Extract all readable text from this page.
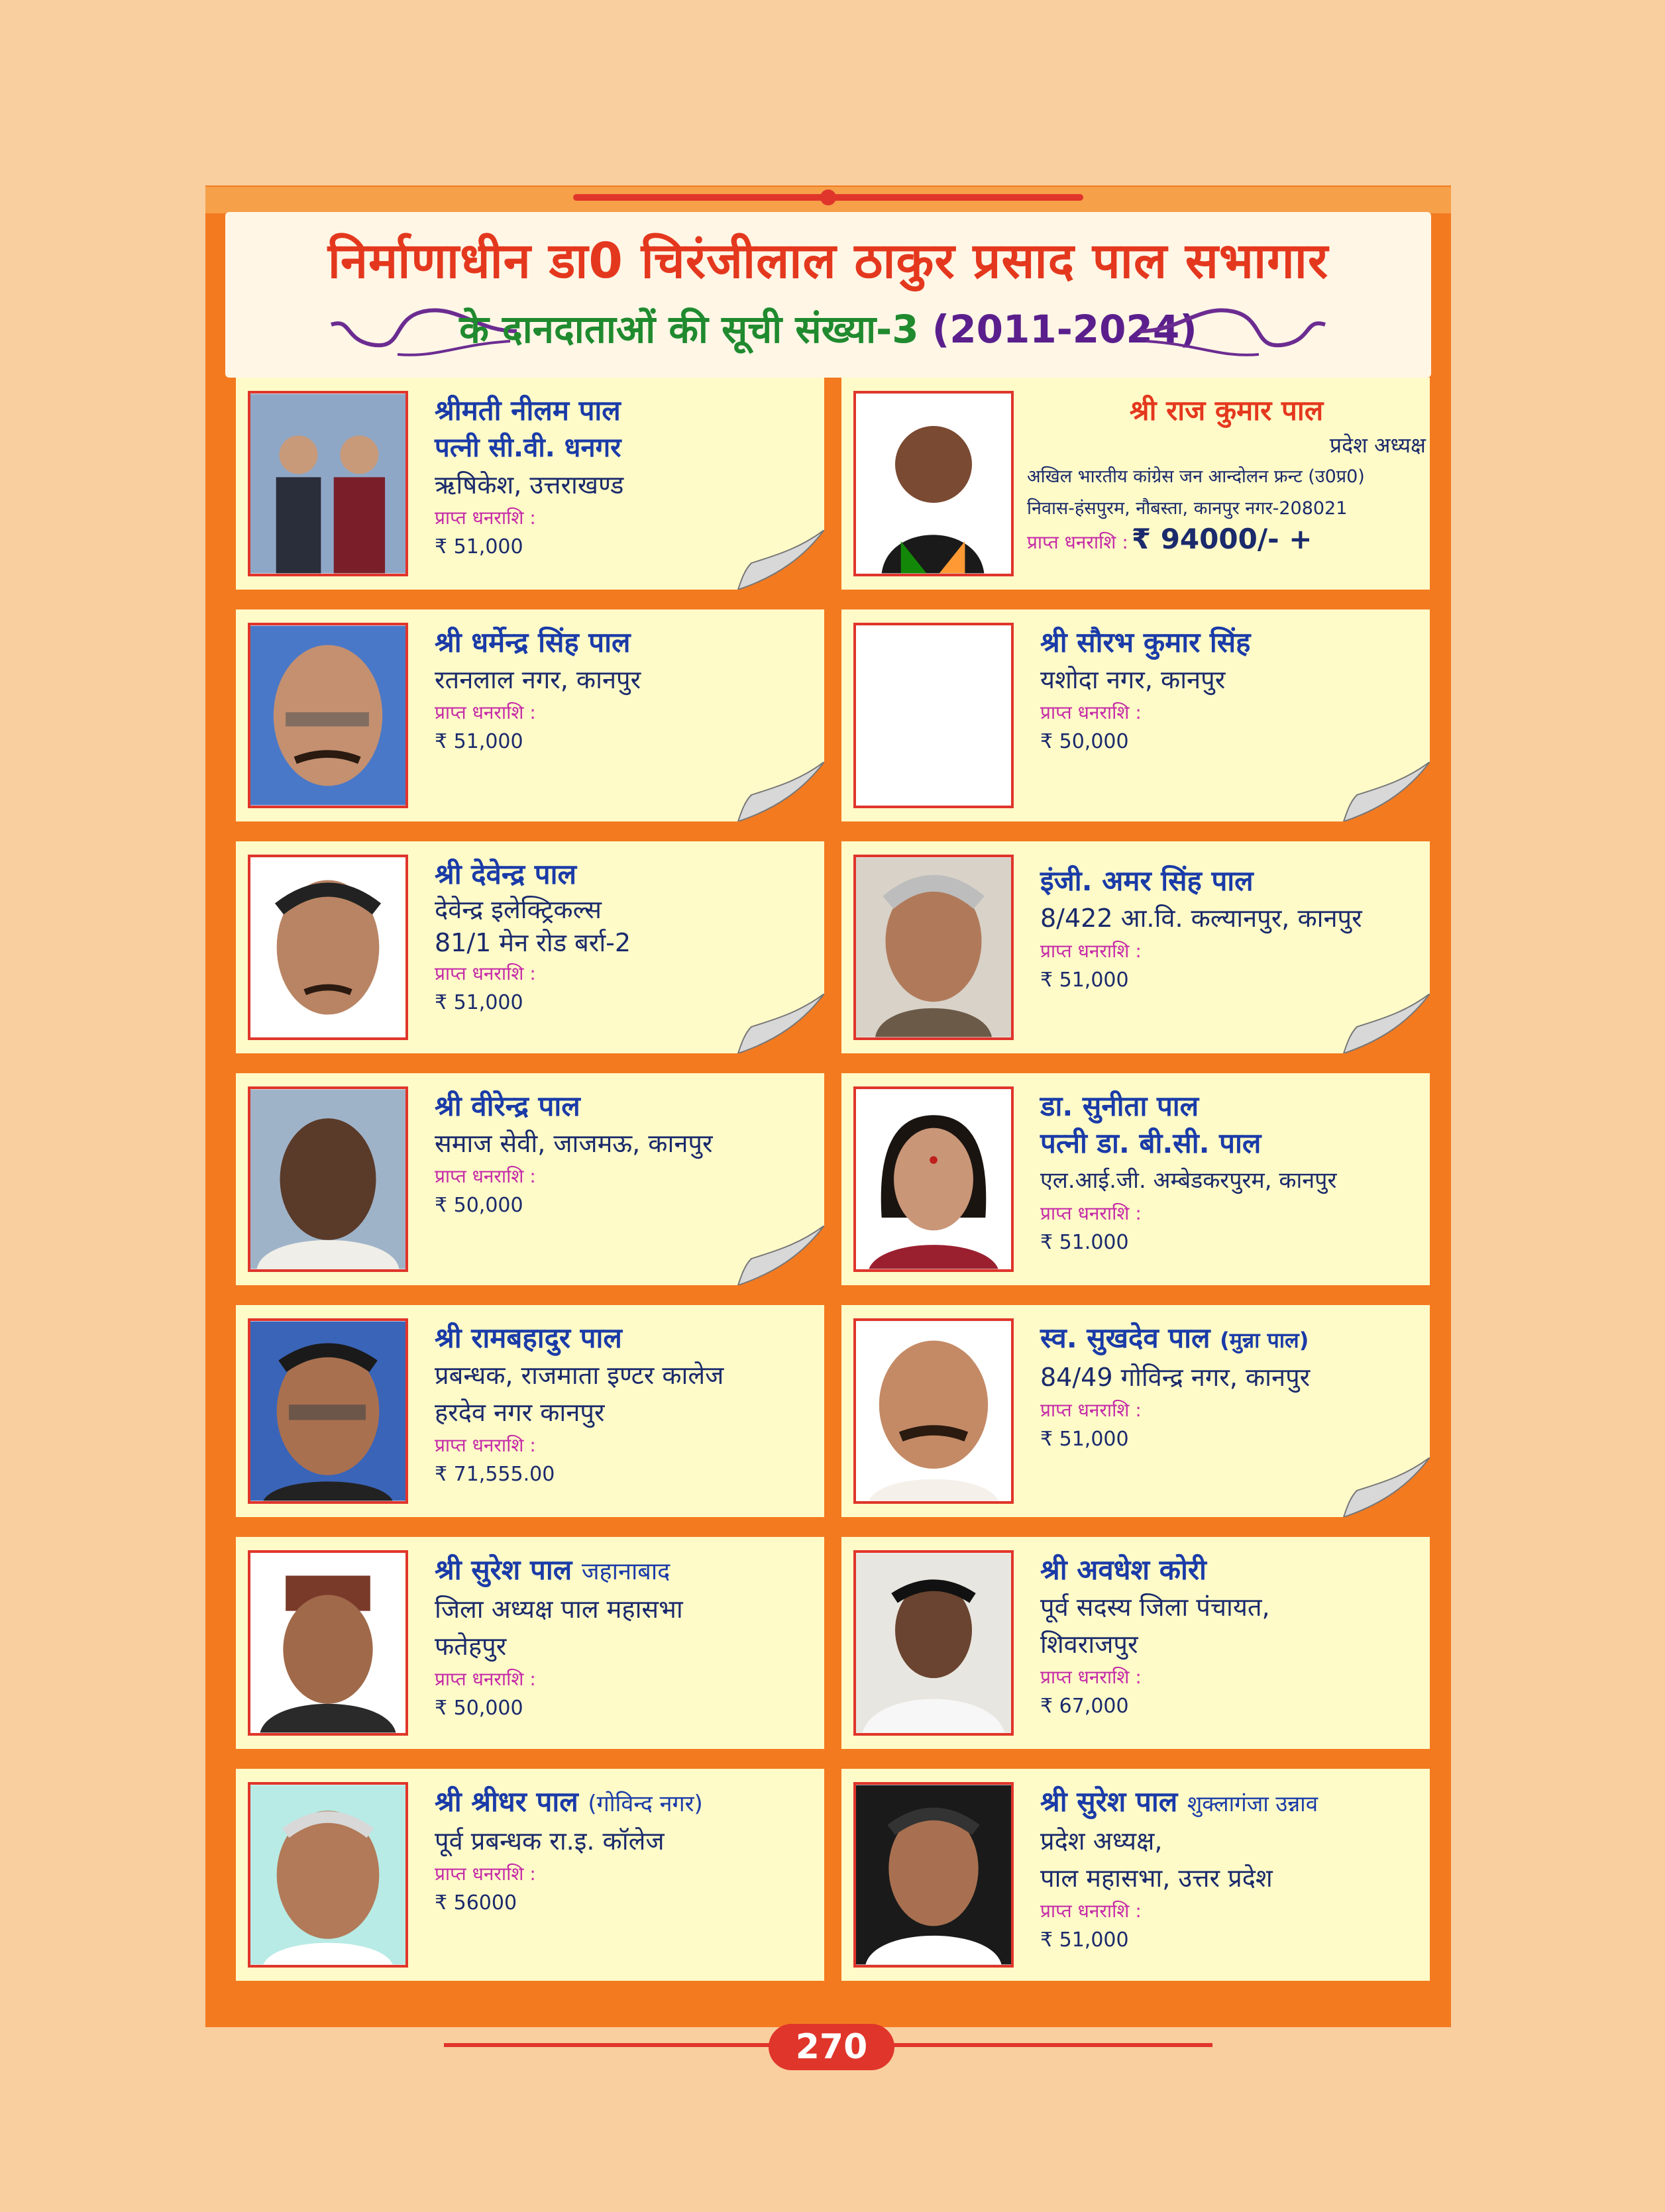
निर्माणाधीन डा0 चिरंजीलाल ठाकुर प्रसाद पाल सभागार
के दानदाताओं की सूची संख्या-3 (2011-2024)
श्रीमती नीलम पाल
पत्नी सी.वी. धनगर
ऋषिकेश, उत्तराखण्ड
प्राप्त धनराशि :
₹ 51,000
श्री राज कुमार पाल
प्रदेश अध्यक्ष
अखिल भारतीय कांग्रेस जन आन्दोलन फ्रन्ट (उ0प्र0)
निवास-हंसपुरम, नौबस्ता, कानपुर नगर-208021
प्राप्त धनराशि : ₹ 94000/- +
श्री धर्मेन्द्र सिंह पाल
रतनलाल नगर, कानपुर
प्राप्त धनराशि :
₹ 51,000
श्री सौरभ कुमार सिंह
यशोदा नगर, कानपुर
प्राप्त धनराशि :
₹ 50,000
श्री देवेन्द्र पाल
देवेन्द्र इलेक्ट्रिकल्स
81/1 मेन रोड बर्रा-2
प्राप्त धनराशि :
₹ 51,000
इंजी. अमर सिंह पाल
8/422 आ.वि. कल्यानपुर, कानपुर
प्राप्त धनराशि :
₹ 51,000
श्री वीरेन्द्र पाल
समाज सेवी, जाजमऊ, कानपुर
प्राप्त धनराशि :
₹ 50,000
डा. सुनीता पाल
पत्नी डा. बी.सी. पाल
एल.आई.जी. अम्बेडकरपुरम, कानपुर
प्राप्त धनराशि :
₹ 51.000
श्री रामबहादुर पाल
प्रबन्धक, राजमाता इण्टर कालेज
हरदेव नगर कानपुर
प्राप्त धनराशि :
₹ 71,555.00
स्व. सुखदेव पाल (मुन्ना पाल)
84/49 गोविन्द्र नगर, कानपुर
प्राप्त धनराशि :
₹ 51,000
श्री सुरेश पाल जहानाबाद
जिला अध्यक्ष पाल महासभा
फतेहपुर
प्राप्त धनराशि :
₹ 50,000
श्री अवधेश कोरी
पूर्व सदस्य जिला पंचायत,
शिवराजपुर
प्राप्त धनराशि :
₹ 67,000
श्री श्रीधर पाल (गोविन्द नगर)
पूर्व प्रबन्धक रा.इ. कॉलेज
प्राप्त धनराशि :
₹ 56000
श्री सुरेश पाल शुक्लागंजा उन्नाव
प्रदेश अध्यक्ष,
पाल महासभा, उत्तर प्रदेश
प्राप्त धनराशि :
₹ 51,000
270
